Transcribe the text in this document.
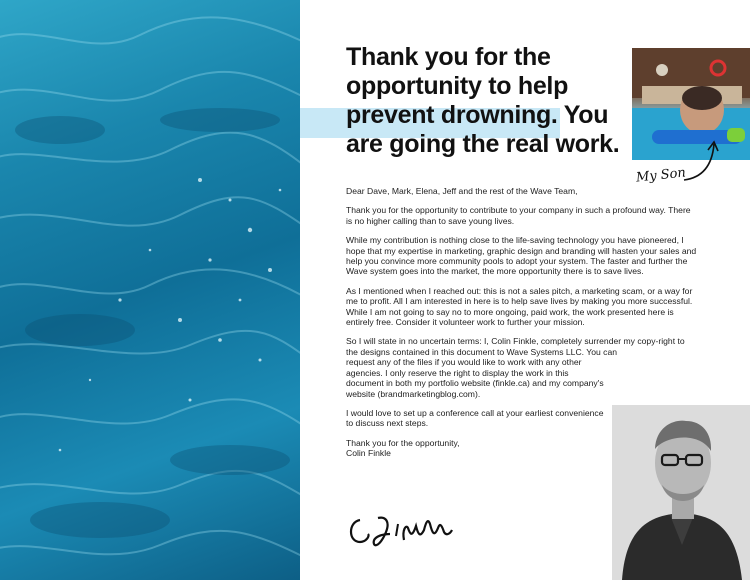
Thank you for the
opportunity to help
prevent drowning. You
are going the real work.
My Son

Dear Dave, Mark, Elena, Jeff and the rest of the Wave Team,

Thank you for the opportunity to contribute to your company in such a profound way. There is no higher calling than to save young lives.

While my contribution is nothing close to the life-saving technology you have pioneered, I hope that my expertise in marketing, graphic design and branding will hasten your sales and help you convince more community pools to adopt your system. The faster and further the Wave system goes into the market, the more opportunity there is to save lives.

As I mentioned when I reached out: this is not a sales pitch, a marketing scam, or a way for me to profit. All I am interested in here is to help save lives by making you more successful. While I am not going to say no to more ongoing, paid work, the work presented here is entirely free. Consider it volunteer work to further your mission.

So I will state in no uncertain terms: I, Colin Finkle, completely surrender my copy-right to the designs contained in this document to Wave Systems LLC. You can

request any of the files if you would like to work with any other agencies. I only reserve the right to display the work in this document in both my portfolio website (finkle.ca) and my company's website (brandmarketingblog.com).

I would love to set up a conference call at your earliest convenience to discuss next steps.

Thank you for the opportunity,

Colin Finkle
